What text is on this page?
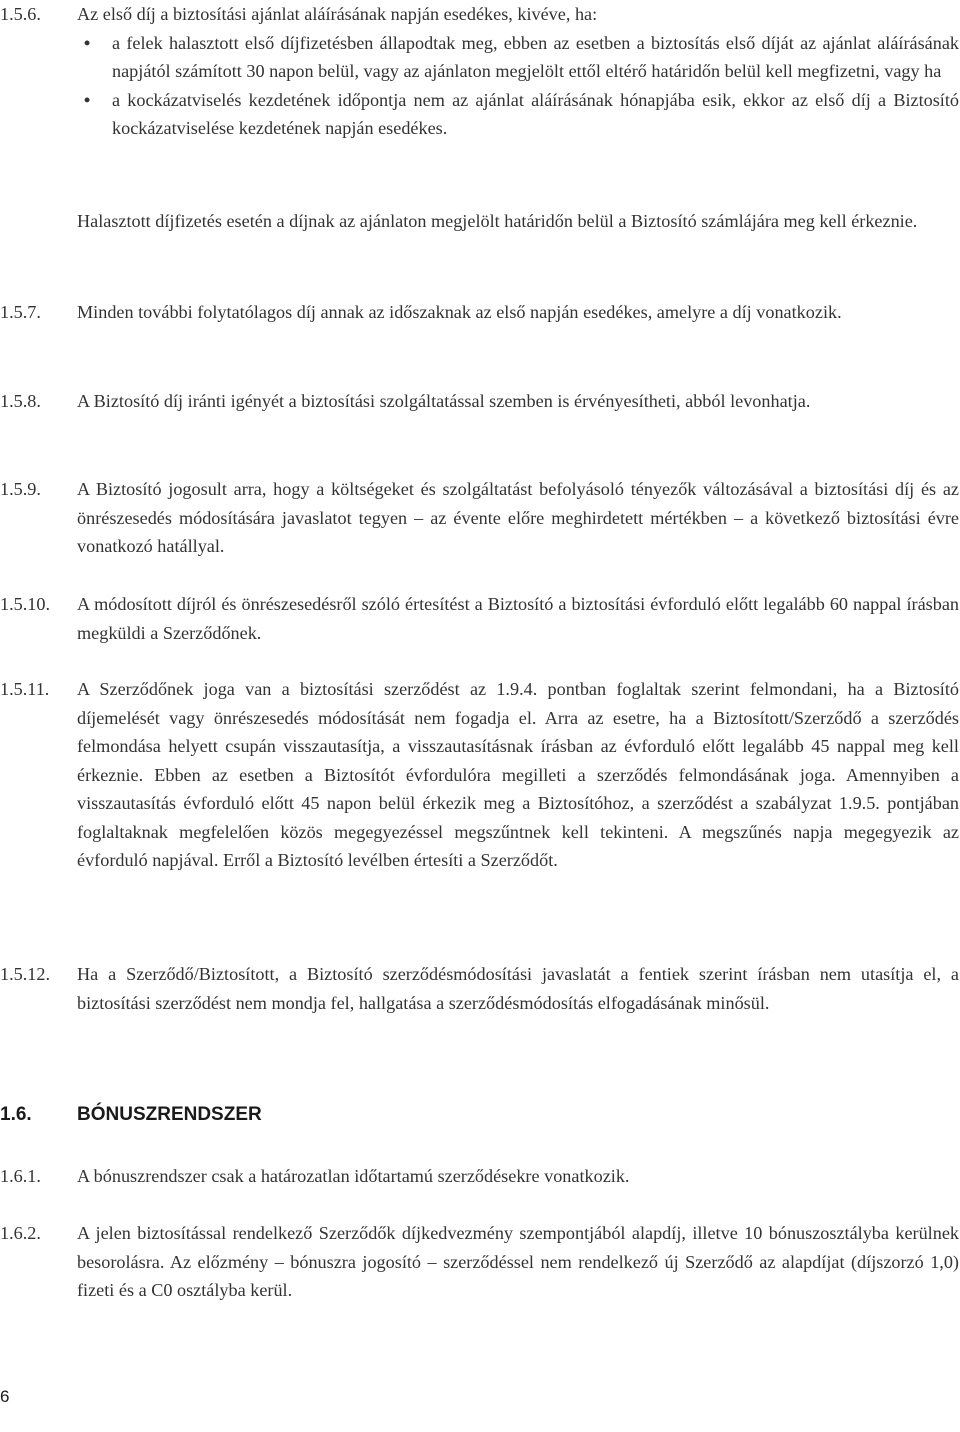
1.5.6.	Az első díj a biztosítási ajánlat aláírásának napján esedékes, kivéve, ha:

•	a felek halasztott első díjfizetésben állapodtak meg, ebben az esetben a biztosítás első díját az ajánlat aláírásának napjától számított 30 napon belül, vagy az ajánlaton megjelölt ettől eltérő határidőn belül kell megfizetni, vagy ha

•	a kockázatviselés kezdetének időpontja nem az ajánlat aláírásának hónapjába esik, ekkor az első díj a Biztosító kockázatviselése kezdetének napján esedékes.

Halasztott díjfizetés esetén a díjnak az ajánlaton megjelölt határidőn belül a Biztosító számlájára meg kell érkeznie.

1.5.7.	Minden további folytatólagos díj annak az időszaknak az első napján esedékes, amelyre a díj vonatkozik.

1.5.8.	A Biztosító díj iránti igényét a biztosítási szolgáltatással szemben is érvényesítheti, abból levonhatja.

1.5.9.	A Biztosító jogosult arra, hogy a költségeket és szolgáltatást befolyásoló tényezők változásával a biztosítási díj és az önrészesedés módosítására javaslatot tegyen – az évente előre meghirdetett mértékben – a következő biztosítási évre vonatkozó hatállyal.

1.5.10.	A módosított díjról és önrészesedésről szóló értesítést a Biztosító a biztosítási évforduló előtt legalább 60 nappal írásban megküldi a Szerződőnek.

1.5.11.	A Szerződőnek joga van a biztosítási szerződést az 1.9.4. pontban foglaltak szerint felmondani, ha a Biztosító díjemelését vagy önrészesedés módosítását nem fogadja el. Arra az esetre, ha a Biztosított/Szerződő a szerződés felmondása helyett csupán visszautasítja, a visszautasításnak írásban az évforduló előtt legalább 45 nappal meg kell érkeznie. Ebben az esetben a Biztosítót évfordulóra megilleti a szerződés felmondásának joga. Amennyiben a visszautasítás évforduló előtt 45 napon belül érkezik meg a Biztosítóhoz, a szerződést a szabályzat 1.9.5. pontjában foglaltaknak megfelelően közös megegyezéssel megszűntnek kell tekinteni. A megszűnés napja megegyezik az évforduló napjával. Erről a Biztosító levélben értesíti a Szerződőt.

1.5.12.	Ha a Szerződő/Biztosított, a Biztosító szerződésmódosítási javaslatát a fentiek szerint írásban nem utasítja el, a biztosítási szerződést nem mondja fel, hallgatása a szerződésmódosítás elfogadásának minősül.

1.6. BÓNUSZRENDSZER
1.6.1.	A bónuszrendszer csak a határozatlan időtartamú szerződésekre vonatkozik.

1.6.2.	A jelen biztosítással rendelkező Szerződők díjkedvezmény szempontjából alapdíj, illetve 10 bónuszosztályba kerülnek besorolásra. Az előzmény – bónuszra jogosító – szerződéssel nem rendelkező új Szerződő az alapdíjat (díjszorzó 1,0) fizeti és a C0 osztályba kerül.

6
